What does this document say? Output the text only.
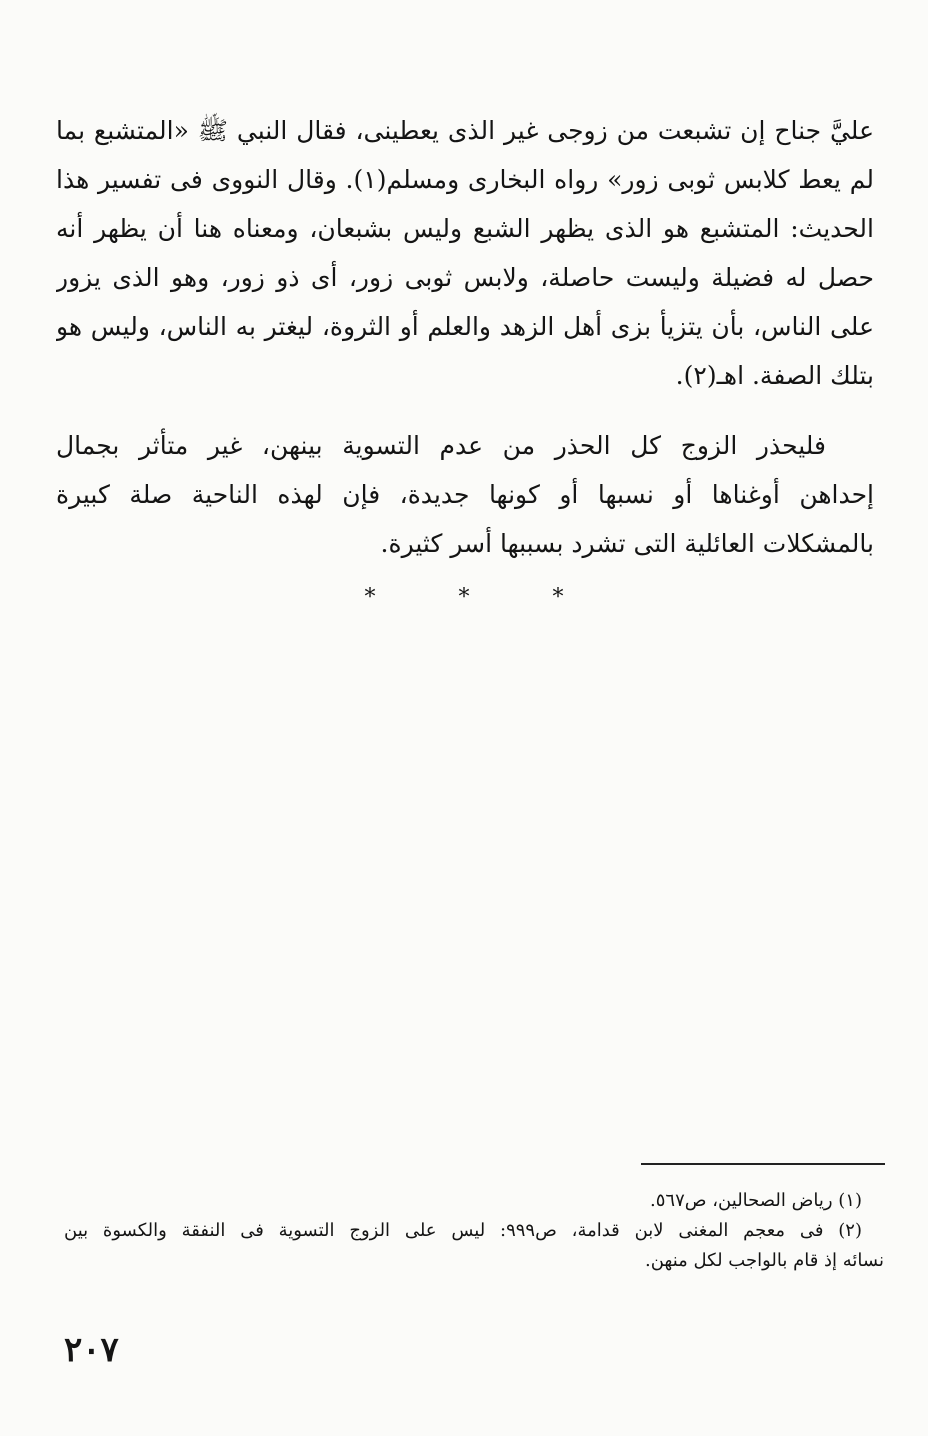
عليَّ جناح إن تشبعت من زوجى غير الذى يعطينى، فقال النبي ﷺ «المتشبع بما
لم يعط كلابس ثوبى زور» رواه البخارى ومسلم(١). وقال النووى فى تفسير هذا
الحديث: المتشبع هو الذى يظهر الشبع وليس بشبعان، ومعناه هنا أن يظهر أنه
حصل له فضيلة وليست حاصلة، ولابس ثوبى زور، أى ذو زور، وهو الذى يزور
على الناس، بأن يتزيأ بزى أهل الزهد والعلم أو الثروة، ليغتر به الناس، وليس هو
بتلك الصفة. اهـ(٢).
فليحذر الزوج كل الحذر من عدم التسوية بينهن، غير متأثر بجمال
إحداهن أوغناها أو نسبها أو كونها جديدة، فإن لهذه الناحية صلة كبيرة
بالمشكلات العائلية التى تشرد بسببها أسر كثيرة.
*	*	*
(١) رياض الصحالين، ص٥٦٧.
(٢) فى معجم المغنى لابن قدامة، ص٩٩٩: ليس على الزوج التسوية فى النفقة والكسوة بين
نسائه إذ قام بالواجب لكل منهن.
٢٠٧
